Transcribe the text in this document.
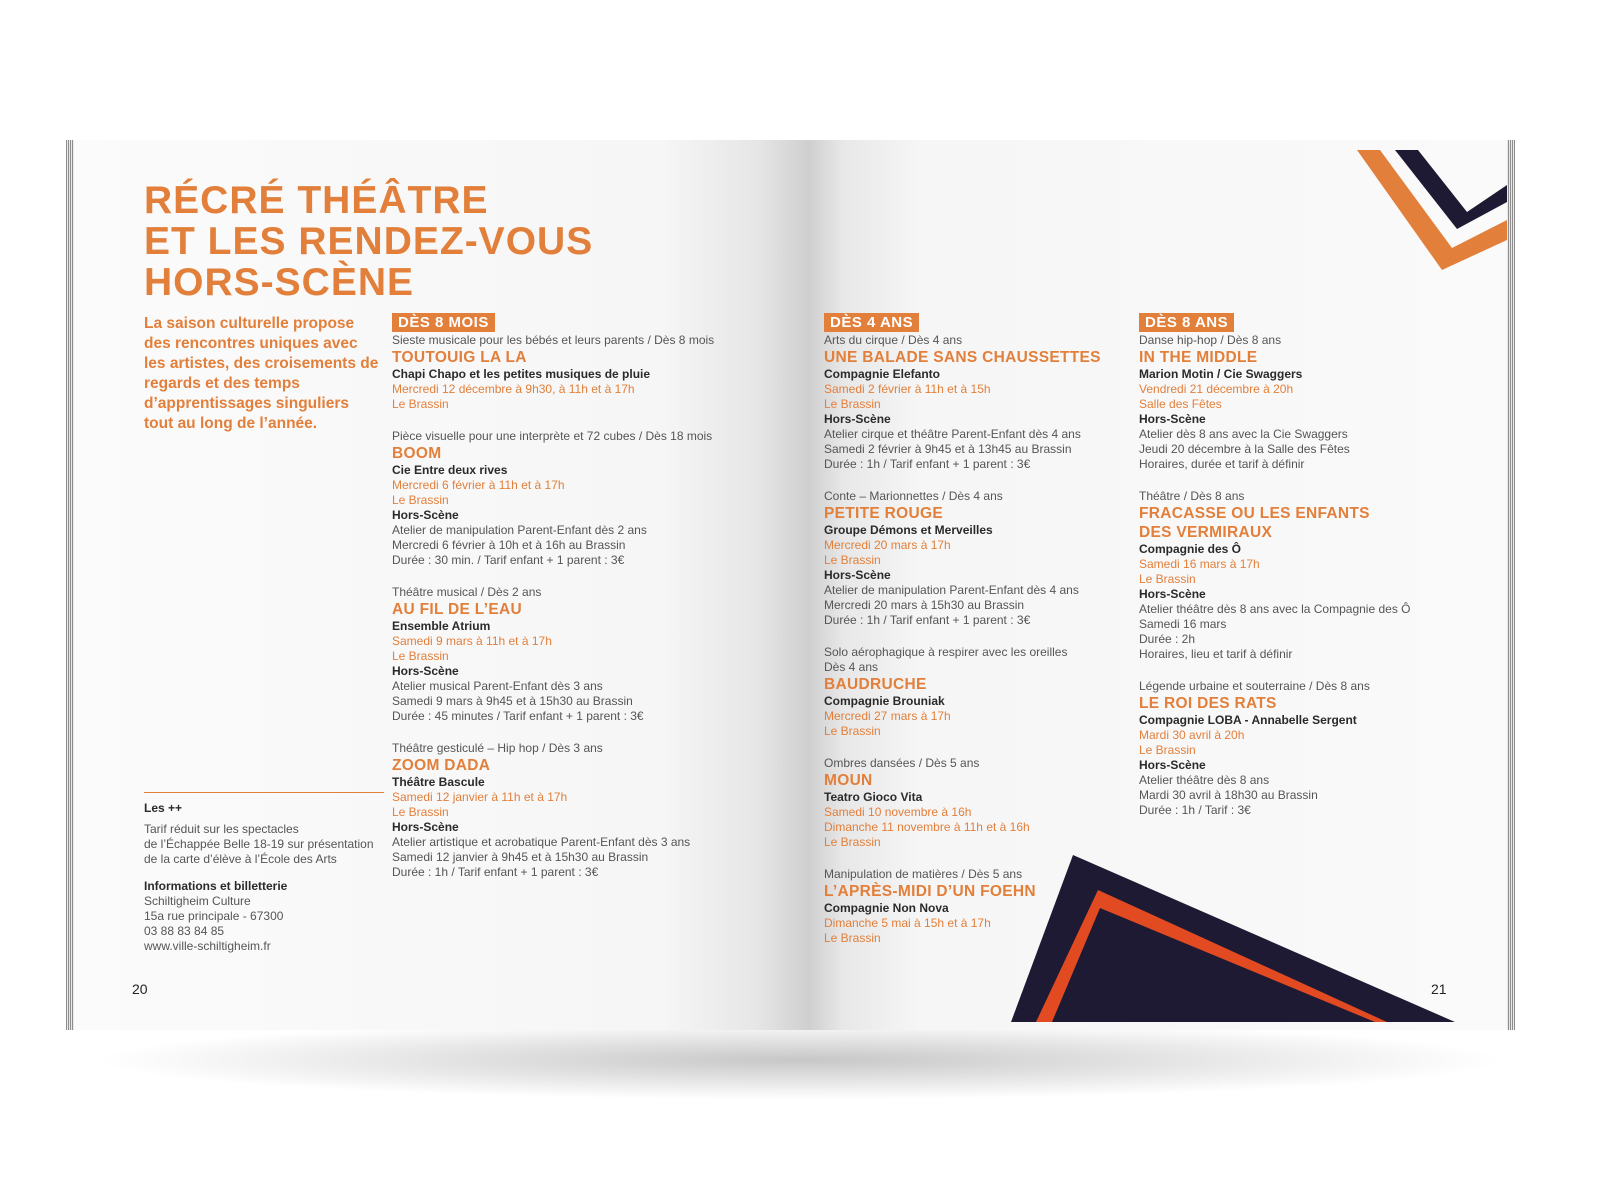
RÉCRÉ THÉÂTRE
ET LES RENDEZ-VOUS
HORS-SCÈNE

La saison culturelle propose des rencontres uniques avec les artistes, des croisements de regards et des temps d’apprentissages singuliers tout au long de l’année.

DÈS 8 MOIS
Sieste musicale pour les bébés et leurs parents / Dès 8 mois
TOUTOUIG LA LA
Chapi Chapo et les petites musiques de pluie
Mercredi 12 décembre à 9h30, à 11h et à 17h
Le Brassin
Pièce visuelle pour une interprète et 72 cubes / Dès 18 mois
BOOM
Cie Entre deux rives
Mercredi 6 février à 11h et à 17h
Le Brassin
Hors-Scène
Atelier de manipulation Parent-Enfant dès 2 ans
Mercredi 6 février à 10h et à 16h au Brassin
Durée : 30 min. / Tarif enfant + 1 parent : 3€
Théâtre musical / Dès 2 ans
AU FIL DE L’EAU
Ensemble Atrium
Samedi 9 mars à 11h et à 17h
Le Brassin
Hors-Scène
Atelier musical Parent-Enfant dès 3 ans
Samedi 9 mars à 9h45 et à 15h30 au Brassin
Durée : 45 minutes / Tarif enfant + 1 parent : 3€
Théâtre gesticulé – Hip hop / Dès 3 ans
ZOOM DADA
Théâtre Bascule
Samedi 12 janvier à 11h et à 17h
Le Brassin
Hors-Scène
Atelier artistique et acrobatique Parent-Enfant dès 3 ans
Samedi 12 janvier à 9h45 et à 15h30 au Brassin
Durée : 1h / Tarif enfant + 1 parent : 3€
Les ++
Tarif réduit sur les spectacles
de l’Échappée Belle 18-19 sur présentation
de la carte d’élève à l’École des Arts
Informations et billetterie
Schiltigheim Culture
15a rue principale - 67300
03 88 83 84 85
www.ville-schiltigheim.fr
20
DÈS 4 ANS
Arts du cirque / Dès 4 ans
UNE BALADE SANS CHAUSSETTES
Compagnie Elefanto
Samedi 2 février à 11h et à 15h
Le Brassin
Hors-Scène
Atelier cirque et théâtre Parent-Enfant dès 4 ans
Samedi 2 février à 9h45 et à 13h45 au Brassin
Durée : 1h / Tarif enfant + 1 parent : 3€
Conte – Marionnettes / Dès 4 ans
PETITE ROUGE
Groupe Démons et Merveilles
Mercredi 20 mars à 17h
Le Brassin
Hors-Scène
Atelier de manipulation Parent-Enfant dès 4 ans
Mercredi 20 mars à 15h30 au Brassin
Durée : 1h / Tarif enfant + 1 parent : 3€
Solo aérophagique à respirer avec les oreilles
Dès 4 ans
BAUDRUCHE
Compagnie Brouniak
Mercredi 27 mars à 17h
Le Brassin
Ombres dansées / Dès 5 ans
MOUN
Teatro Gioco Vita
Samedi 10 novembre à 16h
Dimanche 11 novembre à 11h et à 16h
Le Brassin
Manipulation de matières / Dès 5 ans
L’APRÈS-MIDI D’UN FOEHN
Compagnie Non Nova
Dimanche 5 mai à 15h et à 17h
Le Brassin
DÈS 8 ANS
Danse hip-hop / Dès 8 ans
IN THE MIDDLE
Marion Motin / Cie Swaggers
Vendredi 21 décembre à 20h
Salle des Fêtes
Hors-Scène
Atelier dès 8 ans avec la Cie Swaggers
Jeudi 20 décembre à la Salle des Fêtes
Horaires, durée et tarif à définir
Théâtre / Dès 8 ans
FRACASSE OU LES ENFANTS
DES VERMIRAUX
Compagnie des Ô
Samedi 16 mars à 17h
Le Brassin
Hors-Scène
Atelier théâtre dès 8 ans avec la Compagnie des Ô
Samedi 16 mars
Durée : 2h
Horaires, lieu et tarif à définir
Légende urbaine et souterraine / Dès 8 ans
LE ROI DES RATS
Compagnie LOBA - Annabelle Sergent
Mardi 30 avril à 20h
Le Brassin
Hors-Scène
Atelier théâtre dès 8 ans
Mardi 30 avril à 18h30 au Brassin
Durée : 1h / Tarif : 3€
21
